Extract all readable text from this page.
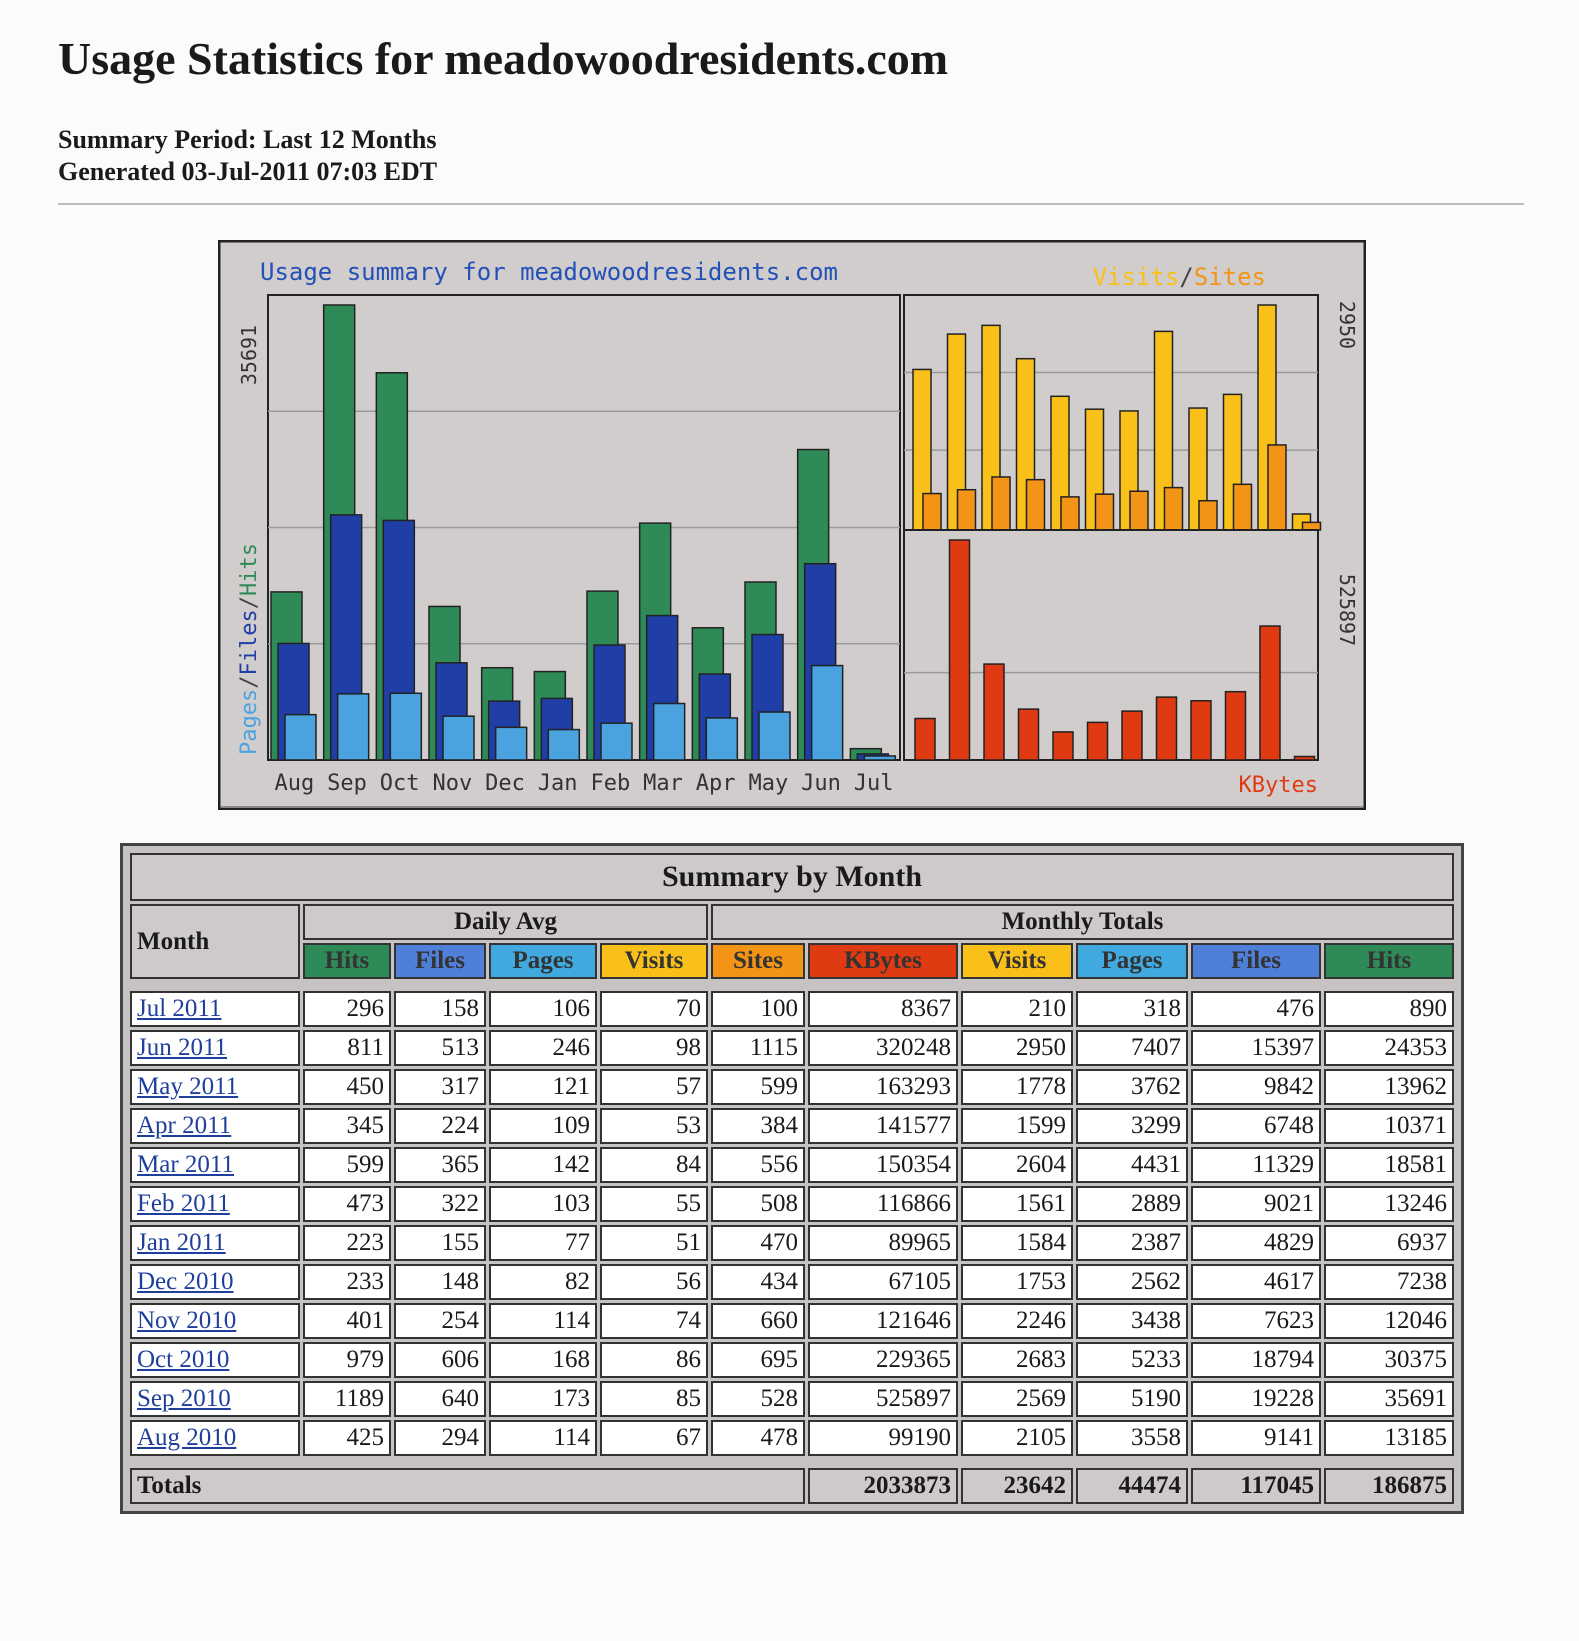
Usage Statistics for meadowoodresidents.com
Summary Period: Last 12 Months
Generated 03-Jul-2011 07:03 EDT
Usage summary for meadowoodresidents.com	Visits/Sites
35691
Pages/Files/Hits
Aug Sep Oct Nov Dec Jan Feb Mar Apr May Jun Jul
2950
525897
KBytes
Summary by Month										
Month	Daily Avg				Monthly Totals					
	Hits	Files	Pages	Visits	Sites	KBytes	Visits	Pages	Files	Hits

Jul 2011	296	158	106	70	100	8367	210	318	476	890
Jun 2011	811	513	246	98	1115	320248	2950	7407	15397	24353
May 2011	450	317	121	57	599	163293	1778	3762	9842	13962
Apr 2011	345	224	109	53	384	141577	1599	3299	6748	10371
Mar 2011	599	365	142	84	556	150354	2604	4431	11329	18581
Feb 2011	473	322	103	55	508	116866	1561	2889	9021	13246
Jan 2011	223	155	77	51	470	89965	1584	2387	4829	6937
Dec 2010	233	148	82	56	434	67105	1753	2562	4617	7238
Nov 2010	401	254	114	74	660	121646	2246	3438	7623	12046
Oct 2010	979	606	168	86	695	229365	2683	5233	18794	30375
Sep 2010	1189	640	173	85	528	525897	2569	5190	19228	35691
Aug 2010	425	294	114	67	478	99190	2105	3558	9141	13185

Totals						2033873	23642	44474	117045	186875
